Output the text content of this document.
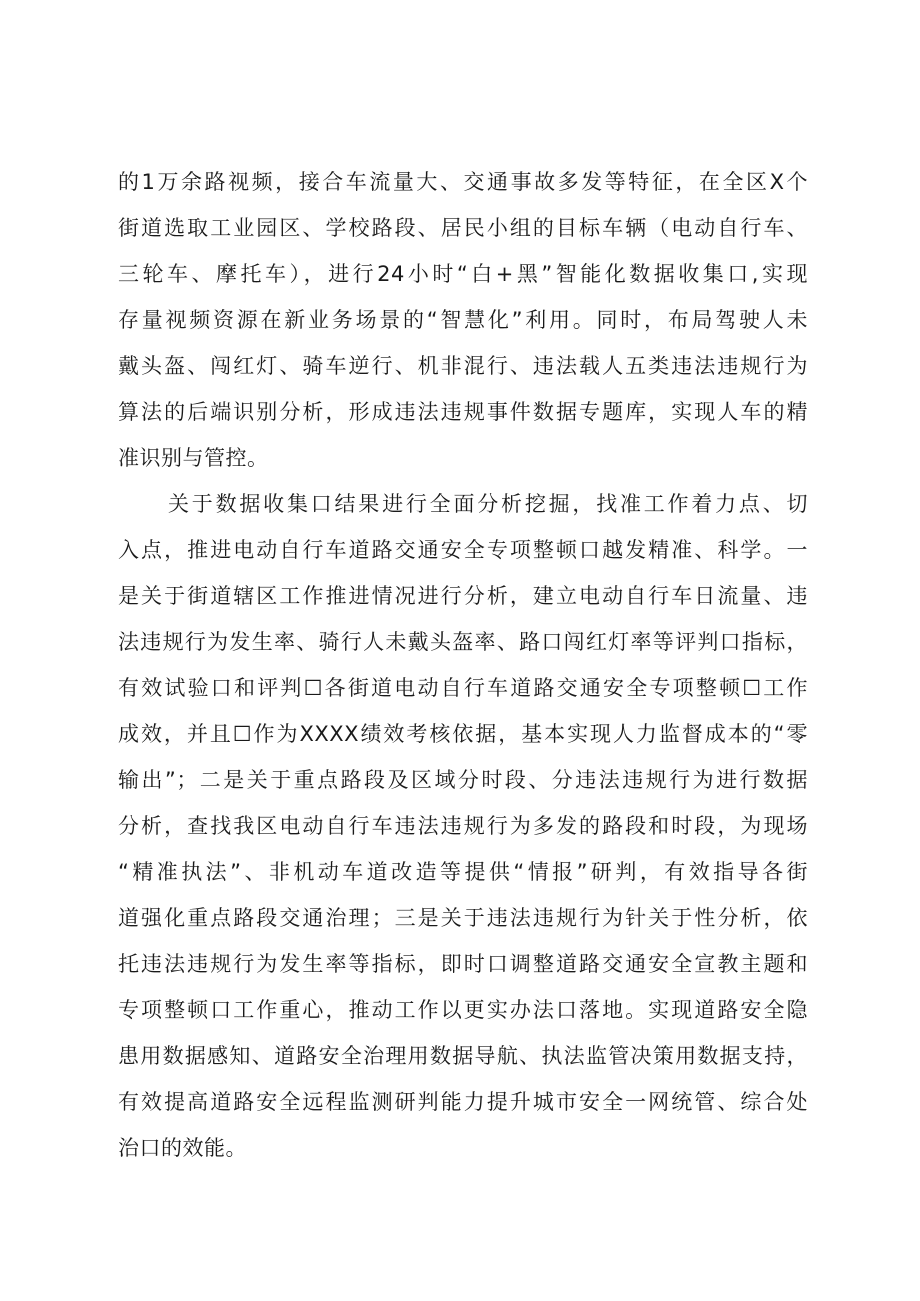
的1万余路视频，接合车流量大、交通事故多发等特征，在全区X个
街道选取工业园区、学校路段、居民小组的目标车辆（电动自行车、
三轮车、摩托车），进行24小时“白+黑”智能化数据收集口,实现
存量视频资源在新业务场景的“智慧化”利用。同时，布局驾驶人未
戴头盔、闯红灯、骑车逆行、机非混行、违法载人五类违法违规行为
算法的后端识别分析，形成违法违规事件数据专题库，实现人车的精
准识别与管控。
关于数据收集口结果进行全面分析挖掘，找准工作着力点、切
入点，推进电动自行车道路交通安全专项整顿口越发精准、科学。一
是关于街道辖区工作推进情况进行分析，建立电动自行车日流量、违
法违规行为发生率、骑行人未戴头盔率、路口闯红灯率等评判口指标，
有效试验口和评判☐各街道电动自行车道路交通安全专项整顿☐工作
成效，并且☐作为XXXX绩效考核依据，基本实现人力监督成本的“零
输出”；二是关于重点路段及区域分时段、分违法违规行为进行数据
分析，查找我区电动自行车违法违规行为多发的路段和时段，为现场
“精准执法”、非机动车道改造等提供“情报”研判，有效指导各街
道强化重点路段交通治理；三是关于违法违规行为针关于性分析，依
托违法违规行为发生率等指标，即时口调整道路交通安全宣教主题和
专项整顿口工作重心，推动工作以更实办法口落地。实现道路安全隐
患用数据感知、道路安全治理用数据导航、执法监管决策用数据支持，
有效提高道路安全远程监测研判能力提升城市安全一网统管、综合处
治口的效能。
